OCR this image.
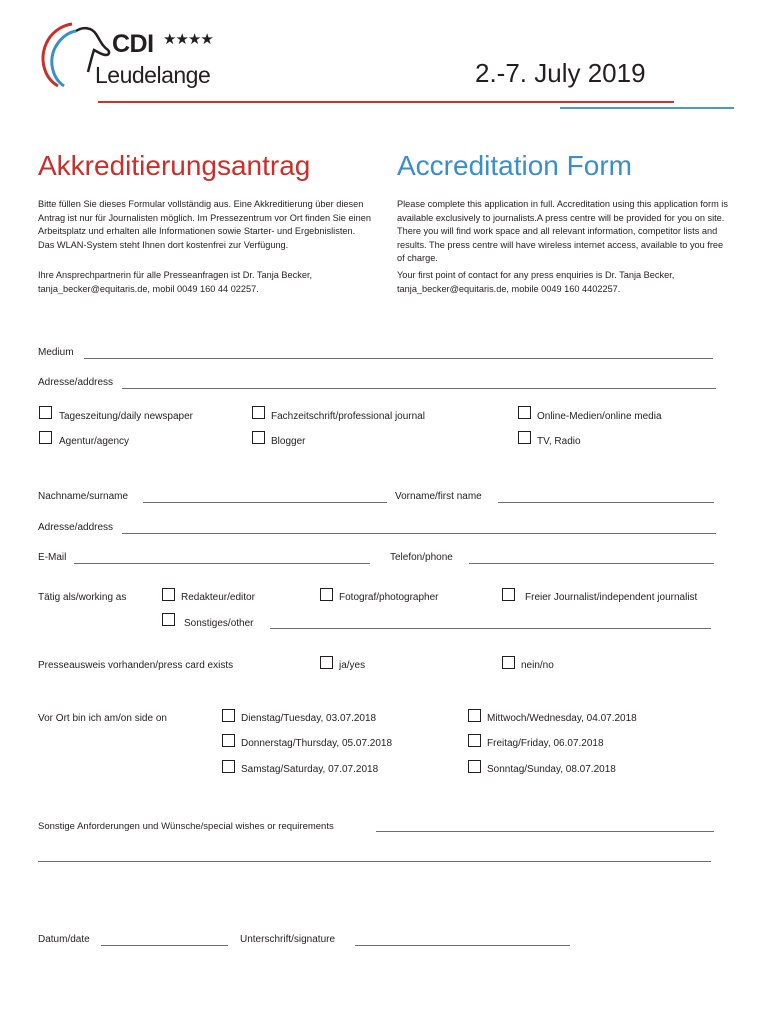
CDI ★★★★
Leudelange	2.-7. July 2019
Akkreditierungsantrag	Accreditation Form
Bitte füllen Sie dieses Formular vollständig aus. Eine Akkreditierung über diesen Antrag ist nur für Journalisten möglich. Im Pressezentrum vor Ort finden Sie einen Arbeitsplatz und erhalten alle Informationen sowie Starter- und Ergebnislisten. Das WLAN-System steht Ihnen dort kostenfrei zur Verfügung.
Ihre Ansprechpartnerin für alle Presseanfragen ist Dr. Tanja Becker, tanja_becker@equitaris.de, mobil 0049 160 44 02257.
Please complete this application in full. Accreditation using this application form is available exclusively to journalists.A press centre will be provided for you on site. There you will find work space and all relevant information, competitor lists and results. The press centre will have wireless internet access, available to you free of charge.
Your first point of contact for any press enquiries is Dr. Tanja Becker, tanja_becker@equitaris.de, mobile 0049 160 4402257.
Medium
Adresse/address
Tageszeitung/daily newspaper	Fachzeitschrift/professional journal	Online-Medien/online media
Agentur/agency	Blogger	TV, Radio
Nachname/surname	Vorname/first name
Adresse/address
E-Mail	Telefon/phone
Tätig als/working as	Redakteur/editor	Fotograf/photographer	Freier Journalist/independent journalist
Sonstiges/other
Presseausweis vorhanden/press card exists	ja/yes	nein/no
Vor Ort bin ich am/on side on	Dienstag/Tuesday, 03.07.2018	Mittwoch/Wednesday, 04.07.2018
Donnerstag/Thursday, 05.07.2018	Freitag/Friday, 06.07.2018
Samstag/Saturday, 07.07.2018	Sonntag/Sunday, 08.07.2018
Sonstige Anforderungen und Wünsche/special wishes or requirements
Datum/date	Unterschrift/signature
